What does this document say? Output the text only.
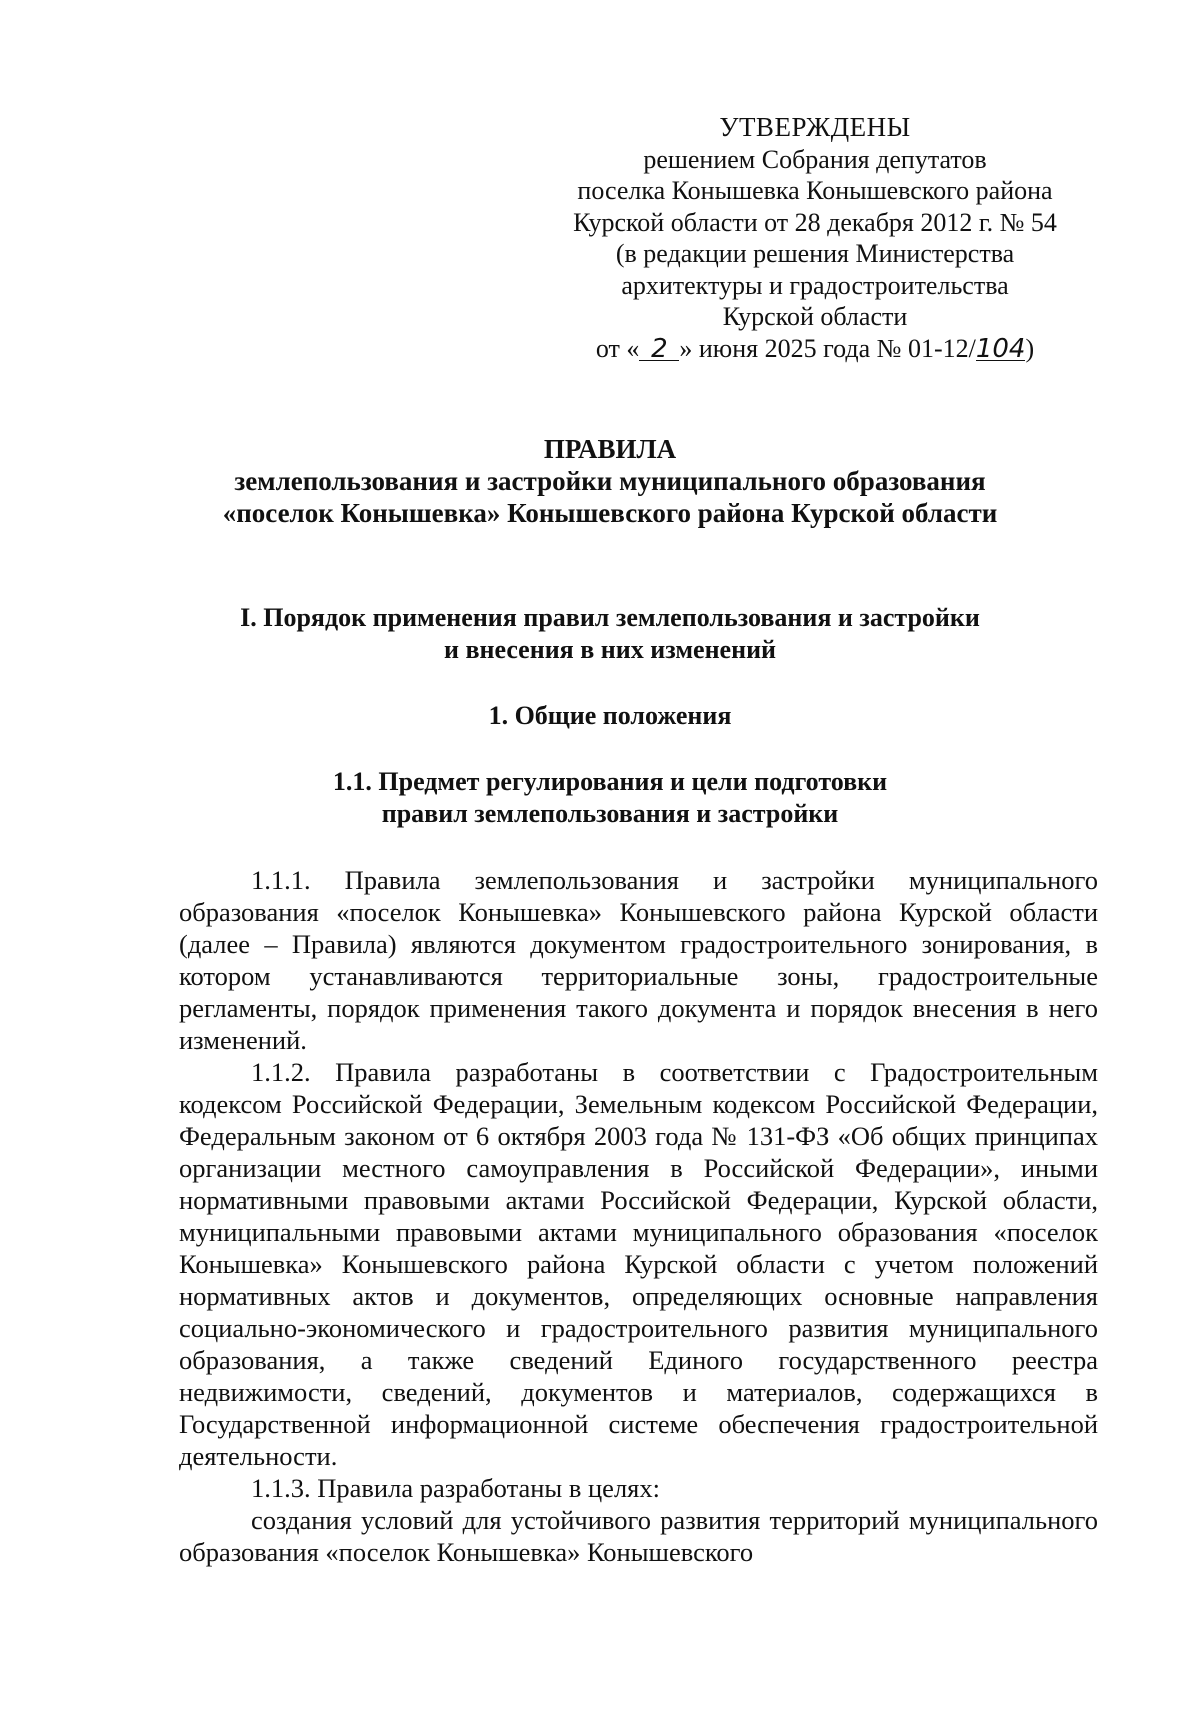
УТВЕРЖДЕНЫ
решением Собрания депутатов
поселка Конышевка Конышевского района
Курской области от 28 декабря 2012 г. № 54
(в редакции решения Министерства
архитектуры и градостроительства
Курской области
от « 2 » июня 2025 года № 01-12/104)
ПРАВИЛА
землепользования и застройки муниципального образования
«поселок Конышевка» Конышевского района Курской области
I. Порядок применения правил землепользования и застройки
и внесения в них изменений
1. Общие положения
1.1. Предмет регулирования и цели подготовки
правил землепользования и застройки

1.1.1. Правила землепользования и застройки муниципального образования «поселок Конышевка» Конышевского района Курской области (далее – Правила) являются документом градостроительного зонирования, в котором устанавливаются территориальные зоны, градостроительные регламенты, порядок применения такого документа и порядок внесения в него изменений.

1.1.2. Правила разработаны в соответствии с Градостроительным кодексом Российской Федерации, Земельным кодексом Российской Федерации, Федеральным законом от 6 октября 2003 года № 131-ФЗ «Об общих принципах организации местного самоуправления в Российской Федерации», иными нормативными правовыми актами Российской Федерации, Курской области, муниципальными правовыми актами муниципального образования «поселок Конышевка» Конышевского района Курской области с учетом положений нормативных актов и документов, определяющих основные направления социально-экономического и градостроительного развития муниципального образования, а также сведений Единого государственного реестра недвижимости, сведений, документов и материалов, содержащихся в Государственной информационной системе обеспечения градостроительной деятельности.

1.1.3. Правила разработаны в целях:

создания условий для устойчивого развития территорий муниципального образования «поселок Конышевка» Конышевского
